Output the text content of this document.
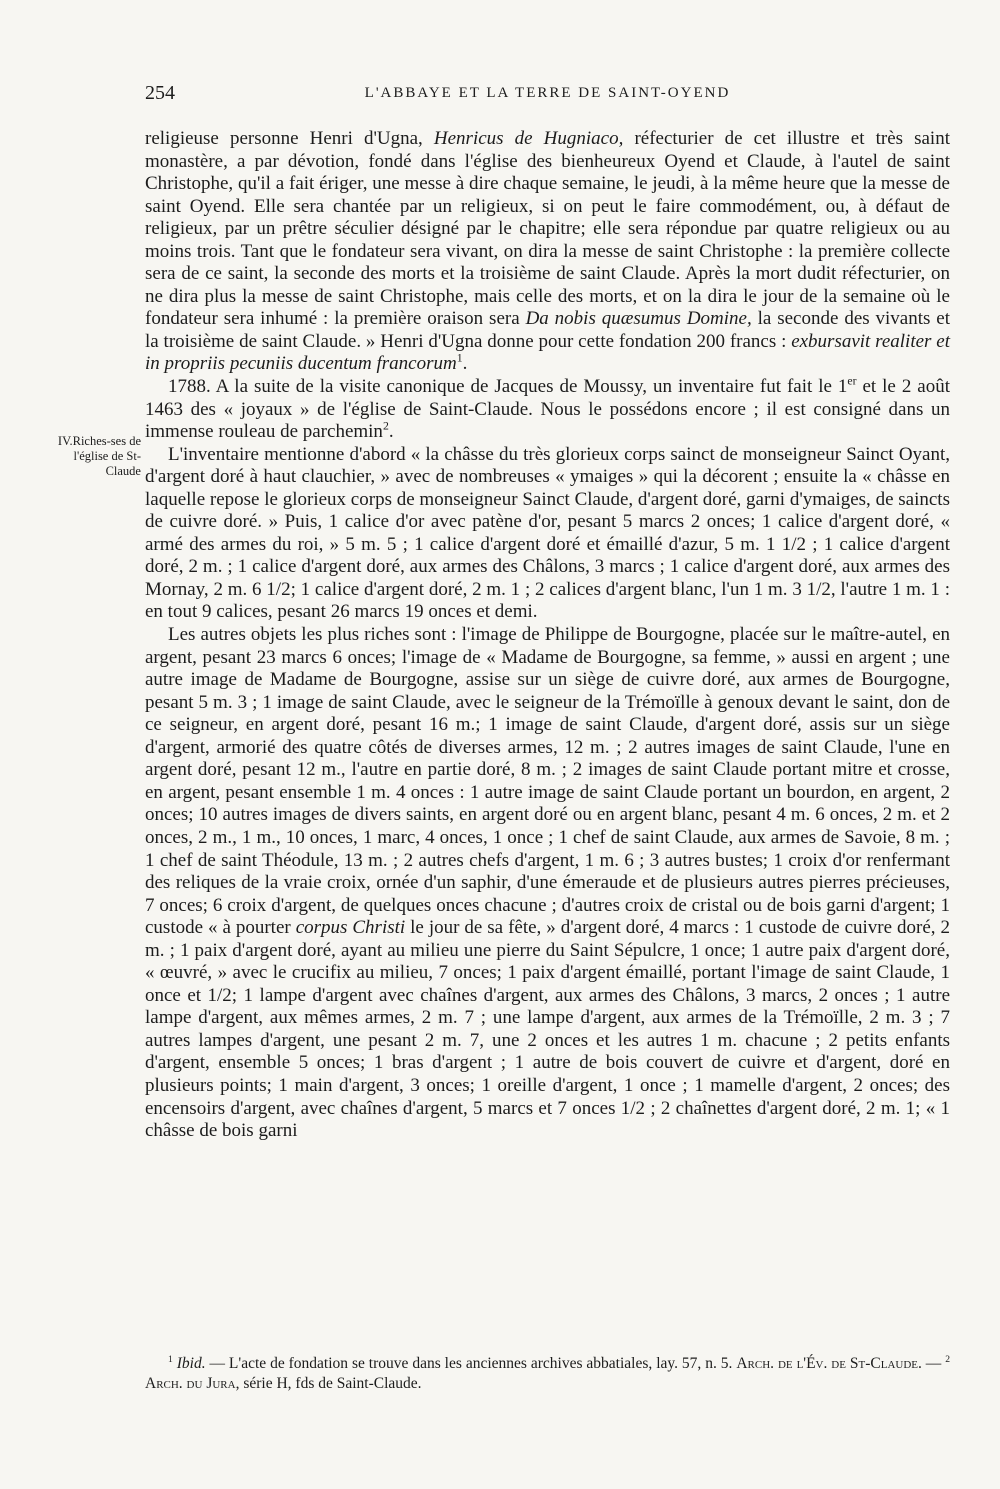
254	L'ABBAYE ET LA TERRE DE SAINT-OYEND
IV.Riches-ses de l'église de St-Claude

religieuse personne Henri d'Ugna, Henricus de Hugniaco, réfecturier de cet illustre et très saint monastère, a par dévotion, fondé dans l'église des bienheureux Oyend et Claude, à l'autel de saint Christophe, qu'il a fait ériger, une messe à dire chaque semaine, le jeudi, à la même heure que la messe de saint Oyend. Elle sera chantée par un religieux, si on peut le faire commodément, ou, à défaut de religieux, par un prêtre séculier désigné par le chapitre; elle sera répondue par quatre religieux ou au moins trois. Tant que le fondateur sera vivant, on dira la messe de saint Christophe : la première collecte sera de ce saint, la seconde des morts et la troisième de saint Claude. Après la mort dudit réfecturier, on ne dira plus la messe de saint Christophe, mais celle des morts, et on la dira le jour de la semaine où le fondateur sera inhumé : la première oraison sera Da nobis quæsumus Domine, la seconde des vivants et la troisième de saint Claude. » Henri d'Ugna donne pour cette fondation 200 francs : exbursavit realiter et in propriis pecuniis ducentum francorum$^1$.

1788. A la suite de la visite canonique de Jacques de Moussy, un inventaire fut fait le 1er et le 2 août 1463 des « joyaux » de l'église de Saint-Claude. Nous le possédons encore ; il est consigné dans un immense rouleau de parchemin$^2$.

L'inventaire mentionne d'abord « la châsse du très glorieux corps sainct de monseigneur Sainct Oyant, d'argent doré à haut clauchier, » avec de nombreuses « ymaiges » qui la décorent ; ensuite la « châsse en laquelle repose le glorieux corps de monseigneur Sainct Claude, d'argent doré, garni d'ymaiges, de saincts de cuivre doré. » Puis, 1 calice d'or avec patène d'or, pesant 5 marcs 2 onces; 1 calice d'argent doré, « armé des armes du roi, » 5 m. 5 ; 1 calice d'argent doré et émaillé d'azur, 5 m. 1 1/2 ; 1 calice d'argent doré, 2 m. ; 1 calice d'argent doré, aux armes des Châlons, 3 marcs ; 1 calice d'argent doré, aux armes des Mornay, 2 m. 6 1/2; 1 calice d'argent doré, 2 m. 1 ; 2 calices d'argent blanc, l'un 1 m. 3 1/2, l'autre 1 m. 1 : en tout 9 calices, pesant 26 marcs 19 onces et demi.

Les autres objets les plus riches sont : l'image de Philippe de Bourgogne, placée sur le maître-autel, en argent, pesant 23 marcs 6 onces; l'image de « Madame de Bourgogne, sa femme, » aussi en argent ; une autre image de Madame de Bourgogne, assise sur un siège de cuivre doré, aux armes de Bourgogne, pesant 5 m. 3 ; 1 image de saint Claude, avec le seigneur de la Trémoïlle à genoux devant le saint, don de ce seigneur, en argent doré, pesant 16 m.; 1 image de saint Claude, d'argent doré, assis sur un siège d'argent, armorié des quatre côtés de diverses armes, 12 m. ; 2 autres images de saint Claude, l'une en argent doré, pesant 12 m., l'autre en partie doré, 8 m. ; 2 images de saint Claude portant mitre et crosse, en argent, pesant ensemble 1 m. 4 onces : 1 autre image de saint Claude portant un bourdon, en argent, 2 onces; 10 autres images de divers saints, en argent doré ou en argent blanc, pesant 4 m. 6 onces, 2 m. et 2 onces, 2 m., 1 m., 10 onces, 1 marc, 4 onces, 1 once ; 1 chef de saint Claude, aux armes de Savoie, 8 m. ; 1 chef de saint Théodule, 13 m. ; 2 autres chefs d'argent, 1 m. 6 ; 3 autres bustes; 1 croix d'or renfermant des reliques de la vraie croix, ornée d'un saphir, d'une émeraude et de plusieurs autres pierres précieuses, 7 onces; 6 croix d'argent, de quelques onces chacune ; d'autres croix de cristal ou de bois garni d'argent; 1 custode « à pourter corpus Christi le jour de sa fête, » d'argent doré, 4 marcs : 1 custode de cuivre doré, 2 m. ; 1 paix d'argent doré, ayant au milieu une pierre du Saint Sépulcre, 1 once; 1 autre paix d'argent doré, « œuvré, » avec le crucifix au milieu, 7 onces; 1 paix d'argent émaillé, portant l'image de saint Claude, 1 once et 1/2; 1 lampe d'argent avec chaînes d'argent, aux armes des Châlons, 3 marcs, 2 onces ; 1 autre lampe d'argent, aux mêmes armes, 2 m. 7 ; une lampe d'argent, aux armes de la Trémoïlle, 2 m. 3 ; 7 autres lampes d'argent, une pesant 2 m. 7, une 2 onces et les autres 1 m. chacune ; 2 petits enfants d'argent, ensemble 5 onces; 1 bras d'argent ; 1 autre de bois couvert de cuivre et d'argent, doré en plusieurs points; 1 main d'argent, 3 onces; 1 oreille d'argent, 1 once ; 1 mamelle d'argent, 2 onces; des encensoirs d'argent, avec chaînes d'argent, 5 marcs et 7 onces 1/2 ; 2 chaînettes d'argent doré, 2 m. 1; « 1 châsse de bois garni

$^1$ Ibid. — L'acte de fondation se trouve dans les anciennes archives abbatiales, lay. 57, n. 5. Arch. de l'Év. de St-Claude. — $^2$ Arch. du Jura, série H, fds de Saint-Claude.
